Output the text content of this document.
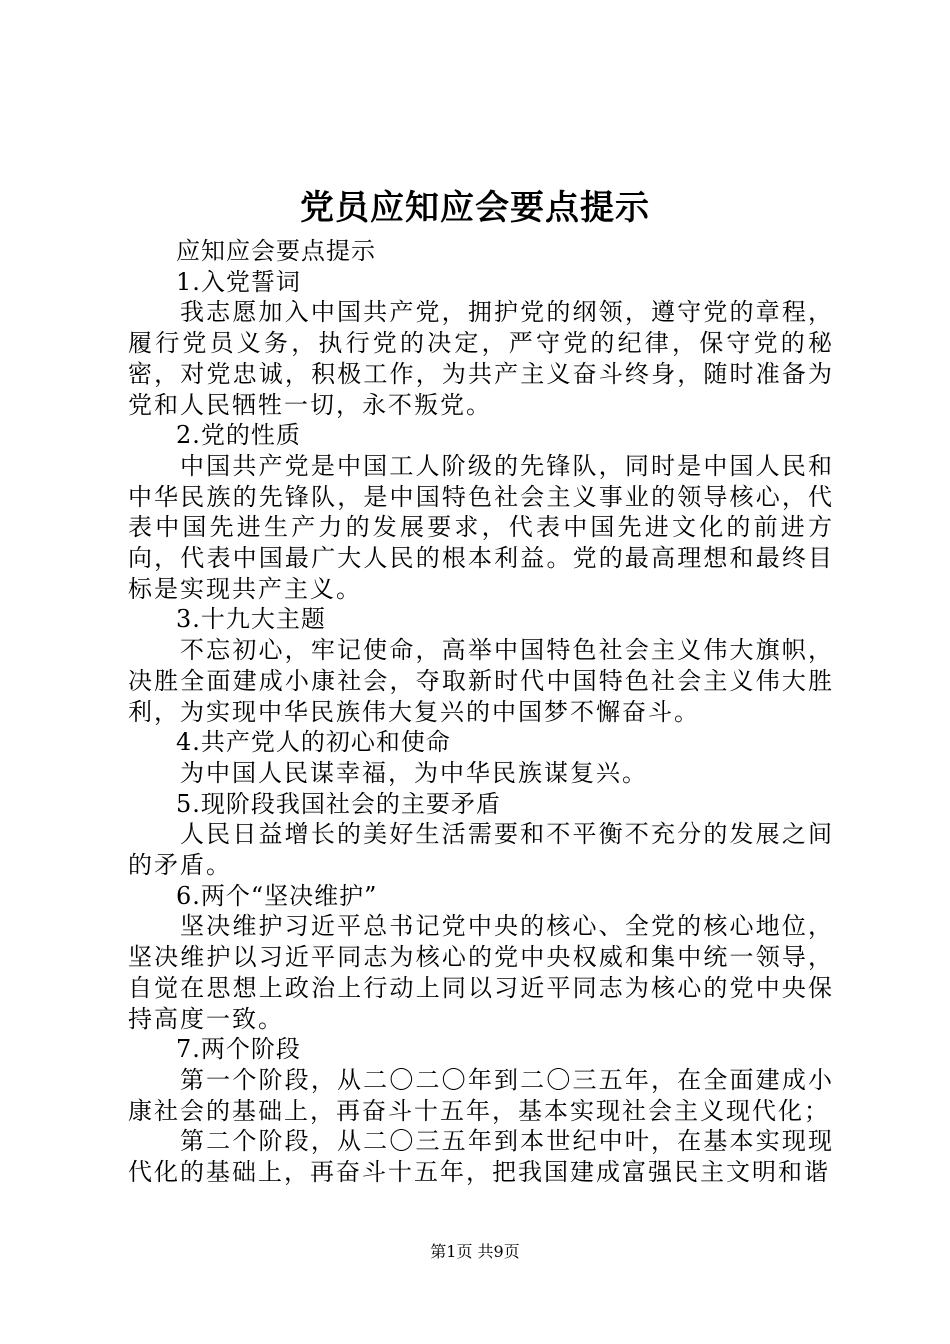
党员应知应会要点提示

应知应会要点提示

1.入党誓词

我志愿加入中国共产党，拥护党的纲领，遵守党的章程，履行党员义务，执行党的决定，严守党的纪律，保守党的秘密，对党忠诚，积极工作，为共产主义奋斗终身，随时准备为党和人民牺牲一切，永不叛党。

2.党的性质

中国共产党是中国工人阶级的先锋队，同时是中国人民和中华民族的先锋队，是中国特色社会主义事业的领导核心，代表中国先进生产力的发展要求，代表中国先进文化的前进方向，代表中国最广大人民的根本利益。党的最高理想和最终目标是实现共产主义。

3.十九大主题

不忘初心，牢记使命，高举中国特色社会主义伟大旗帜，决胜全面建成小康社会，夺取新时代中国特色社会主义伟大胜利，为实现中华民族伟大复兴的中国梦不懈奋斗。

4.共产党人的初心和使命

为中国人民谋幸福，为中华民族谋复兴。

5.现阶段我国社会的主要矛盾

人民日益增长的美好生活需要和不平衡不充分的发展之间的矛盾。

6.两个“坚决维护”

坚决维护习近平总书记党中央的核心、全党的核心地位，坚决维护以习近平同志为核心的党中央权威和集中统一领导，自觉在思想上政治上行动上同以习近平同志为核心的党中央保持高度一致。

7.两个阶段

第一个阶段，从二〇二〇年到二〇三五年，在全面建成小康社会的基础上，再奋斗十五年，基本实现社会主义现代化；

第二个阶段，从二〇三五年到本世纪中叶，在基本实现现代化的基础上，再奋斗十五年，把我国建成富强民主文明和谐

第1页 共9页
